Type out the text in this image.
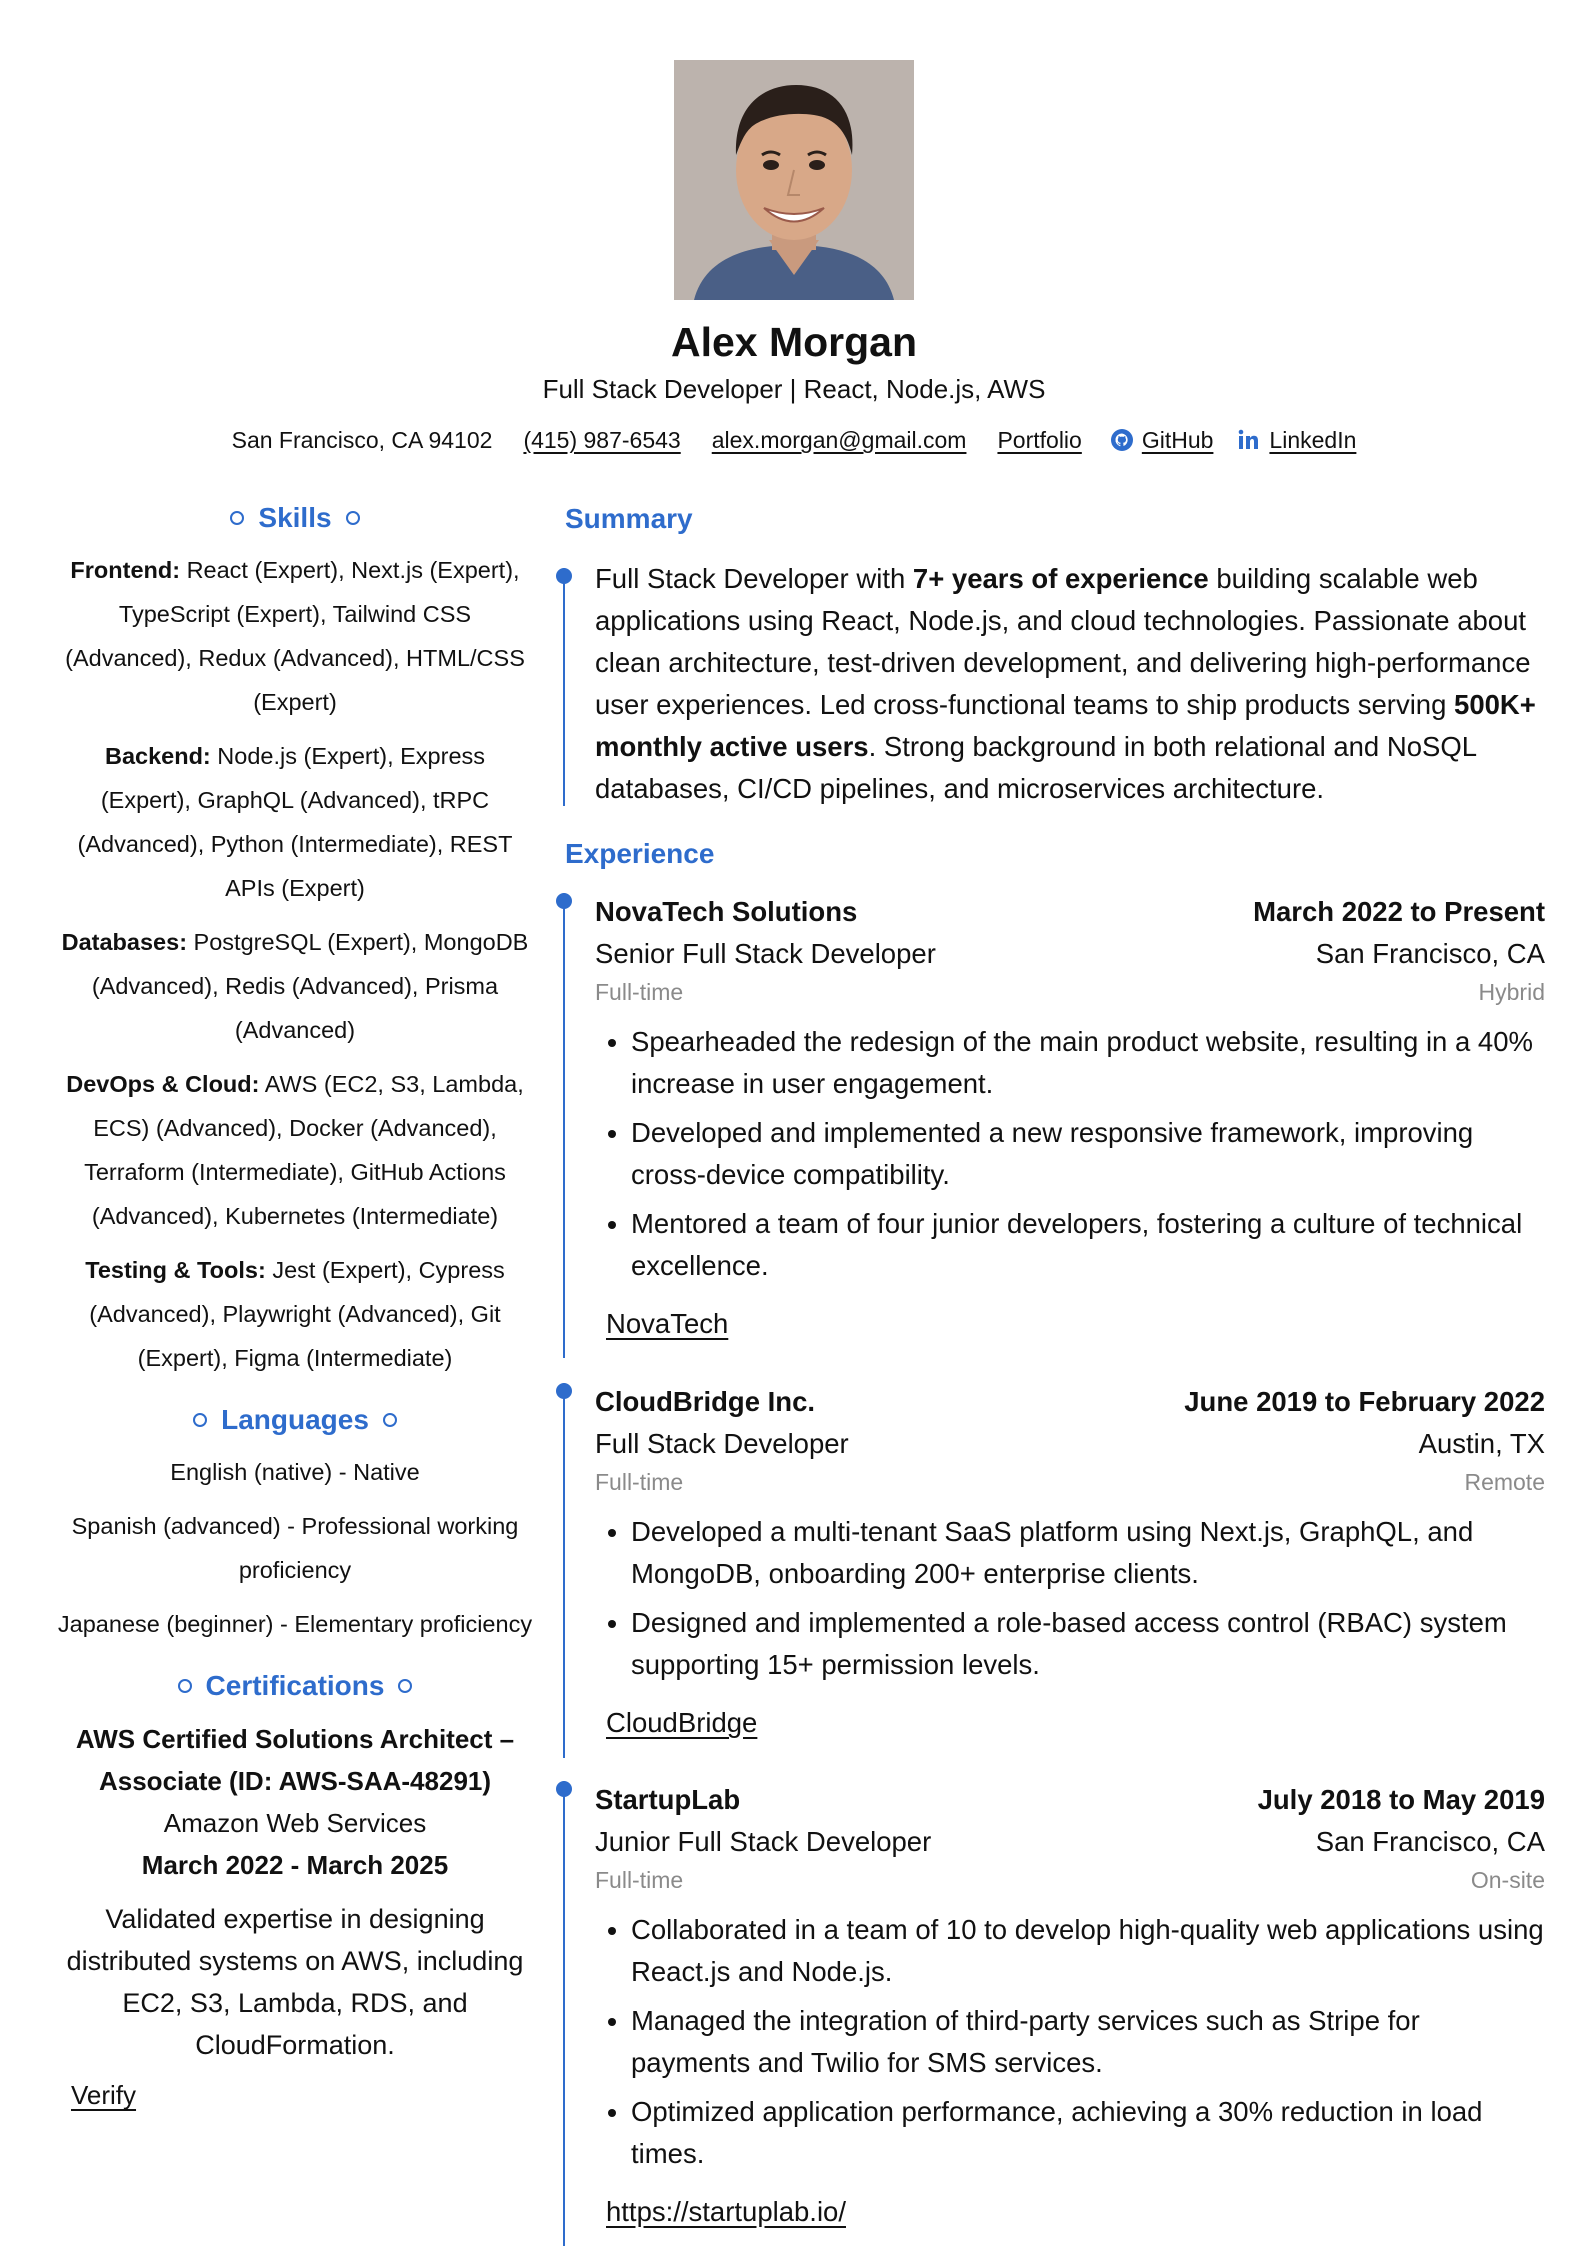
Alex Morgan
Full Stack Developer | React, Node.js, AWS
San Francisco, CA 94102 (415) 987-6543 alex.morgan@gmail.com Portfolio	GitHub LinkedIn
Skills
Frontend: React (Expert), Next.js (Expert), TypeScript (Expert), Tailwind CSS (Advanced), Redux (Advanced), HTML/CSS (Expert)
Backend: Node.js (Expert), Express (Expert), GraphQL (Advanced), tRPC (Advanced), Python (Intermediate), REST APIs (Expert)
Databases: PostgreSQL (Expert), MongoDB (Advanced), Redis (Advanced), Prisma (Advanced)
DevOps & Cloud: AWS (EC2, S3, Lambda, ECS) (Advanced), Docker (Advanced), Terraform (Intermediate), GitHub Actions (Advanced), Kubernetes (Intermediate)
Testing & Tools: Jest (Expert), Cypress (Advanced), Playwright (Advanced), Git (Expert), Figma (Intermediate)
Languages
English (native) - Native
Spanish (advanced) - Professional working proficiency
Japanese (beginner) - Elementary proficiency
Certifications
AWS Certified Solutions Architect – Associate (ID: AWS-SAA-48291)
Amazon Web Services
March 2022 - March 2025
Validated expertise in designing distributed systems on AWS, including EC2, S3, Lambda, RDS, and CloudFormation.
Verify
Summary
Full Stack Developer with 7+ years of experience building scalable web applications using React, Node.js, and cloud technologies. Passionate about clean architecture, test-driven development, and delivering high-performance user experiences. Led cross-functional teams to ship products serving 500K+ monthly active users. Strong background in both relational and NoSQL databases, CI/CD pipelines, and microservices architecture.
Experience
NovaTech Solutions	March 2022 to Present
Senior Full Stack Developer	San Francisco, CA
Full-time	Hybrid
• Spearheaded the redesign of the main product website, resulting in a 40% increase in user engagement.
• Developed and implemented a new responsive framework, improving cross-device compatibility.
• Mentored a team of four junior developers, fostering a culture of technical excellence.
NovaTech
CloudBridge Inc.	June 2019 to February 2022
Full Stack Developer	Austin, TX
Full-time	Remote
• Developed a multi-tenant SaaS platform using Next.js, GraphQL, and MongoDB, onboarding 200+ enterprise clients.
• Designed and implemented a role-based access control (RBAC) system supporting 15+ permission levels.
CloudBridge
StartupLab	July 2018 to May 2019
Junior Full Stack Developer	San Francisco, CA
Full-time	On-site
• Collaborated in a team of 10 to develop high-quality web applications using React.js and Node.js.
• Managed the integration of third-party services such as Stripe for payments and Twilio for SMS services.
• Optimized application performance, achieving a 30% reduction in load times.
https://startuplab.io/
